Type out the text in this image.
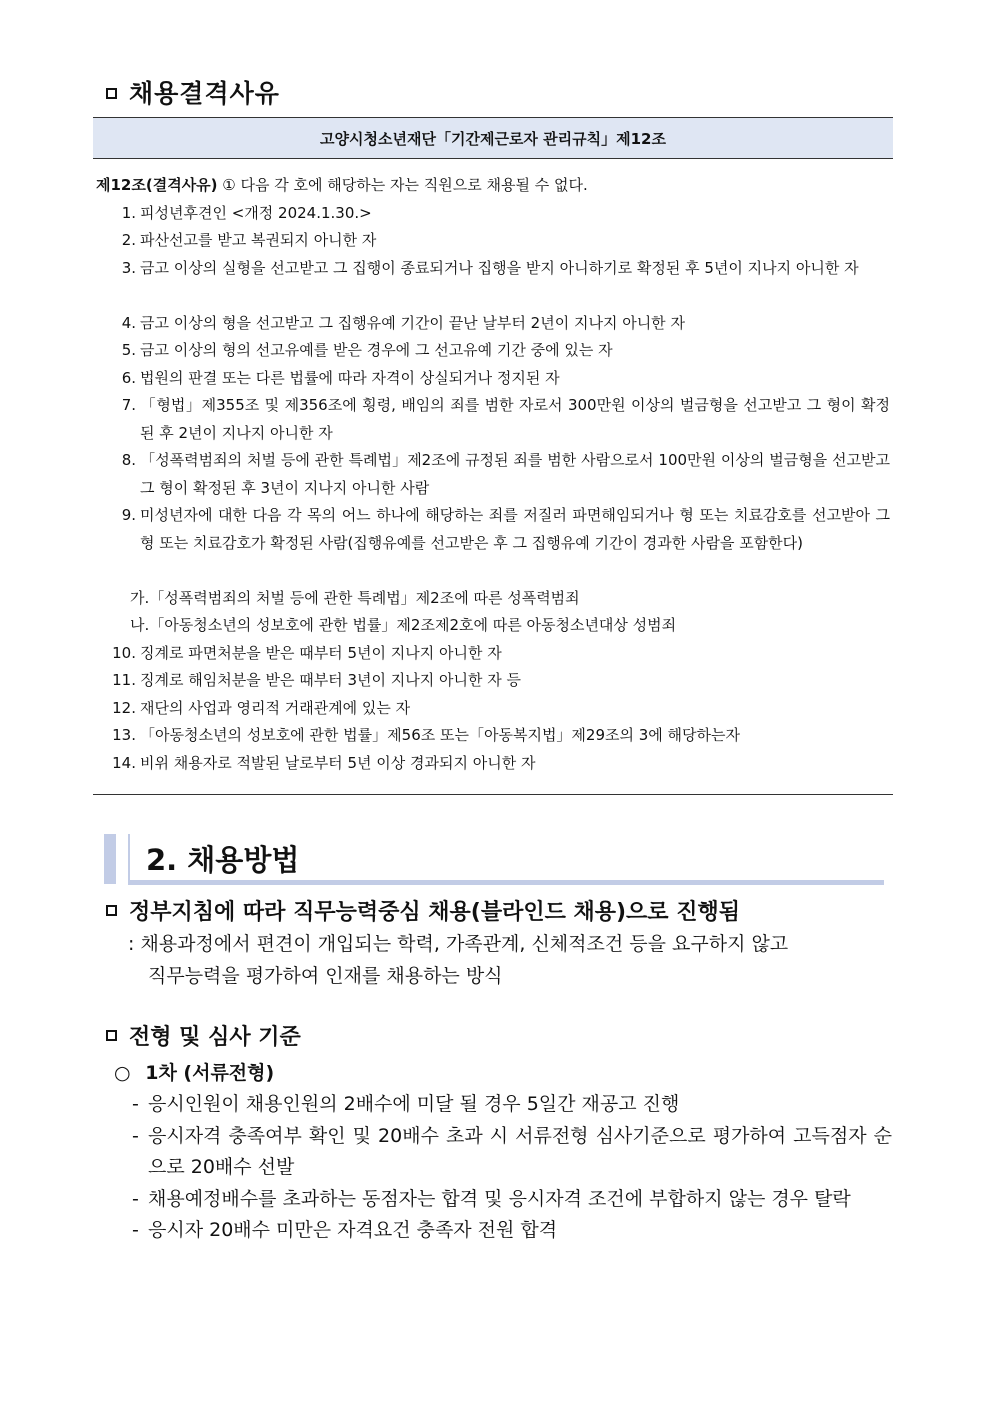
채용결격사유
고양시청소년재단「기간제근로자 관리규칙」제12조
제12조(결격사유) ① 다음 각 호에 해당하는 자는 직원으로 채용될 수 없다.
1. 피성년후견인 <개정 2024.1.30.>
2. 파산선고를 받고 복권되지 아니한 자
3. 금고 이상의 실형을 선고받고 그 집행이 종료되거나 집행을 받지 아니하기로 확정된 후 5년이 지나지 아니한 자
4. 금고 이상의 형을 선고받고 그 집행유예 기간이 끝난 날부터 2년이 지나지 아니한 자
5. 금고 이상의 형의 선고유예를 받은 경우에 그 선고유예 기간 중에 있는 자
6. 법원의 판결 또는 다른 법률에 따라 자격이 상실되거나 정지된 자
7. 「형법」제355조 및 제356조에 횡령, 배임의 죄를 범한 자로서 300만원 이상의 벌금형을 선고받고 그 형이 확정된 후 2년이 지나지 아니한 자
8. 「성폭력범죄의 처벌 등에 관한 특례법」제2조에 규정된 죄를 범한 사람으로서 100만원 이상의 벌금형을 선고받고 그 형이 확정된 후 3년이 지나지 아니한 사람
9. 미성년자에 대한 다음 각 목의 어느 하나에 해당하는 죄를 저질러 파면해임되거나 형 또는 치료감호를 선고받아 그 형 또는 치료감호가 확정된 사람(집행유예를 선고받은 후 그 집행유예 기간이 경과한 사람을 포함한다)
가.「성폭력범죄의 처벌 등에 관한 특례법」제2조에 따른 성폭력범죄
나.「아동청소년의 성보호에 관한 법률」제2조제2호에 따른 아동청소년대상 성범죄
10. 징계로 파면처분을 받은 때부터 5년이 지나지 아니한 자
11. 징계로 해임처분을 받은 때부터 3년이 지나지 아니한 자 등
12. 재단의 사업과 영리적 거래관계에 있는 자
13. 「아동청소년의 성보호에 관한 법률」제56조 또는「아동복지법」제29조의 3에 해당하는자
14. 비위 채용자로 적발된 날로부터 5년 이상 경과되지 아니한 자
2. 채용방법
정부지침에 따라 직무능력중심 채용(블라인드 채용)으로 진행됨
: 채용과정에서 편견이 개입되는 학력, 가족관계, 신체적조건 등을 요구하지 않고
직무능력을 평가하여 인재를 채용하는 방식
전형 및 심사 기준
○ 1차 (서류전형)
- 응시인원이 채용인원의 2배수에 미달 될 경우 5일간 재공고 진행
- 응시자격 충족여부 확인 및 20배수 초과 시 서류전형 심사기준으로 평가하여 고득점자 순으로 20배수 선발
- 채용예정배수를 초과하는 동점자는 합격 및 응시자격 조건에 부합하지 않는 경우 탈락
- 응시자 20배수 미만은 자격요건 충족자 전원 합격
